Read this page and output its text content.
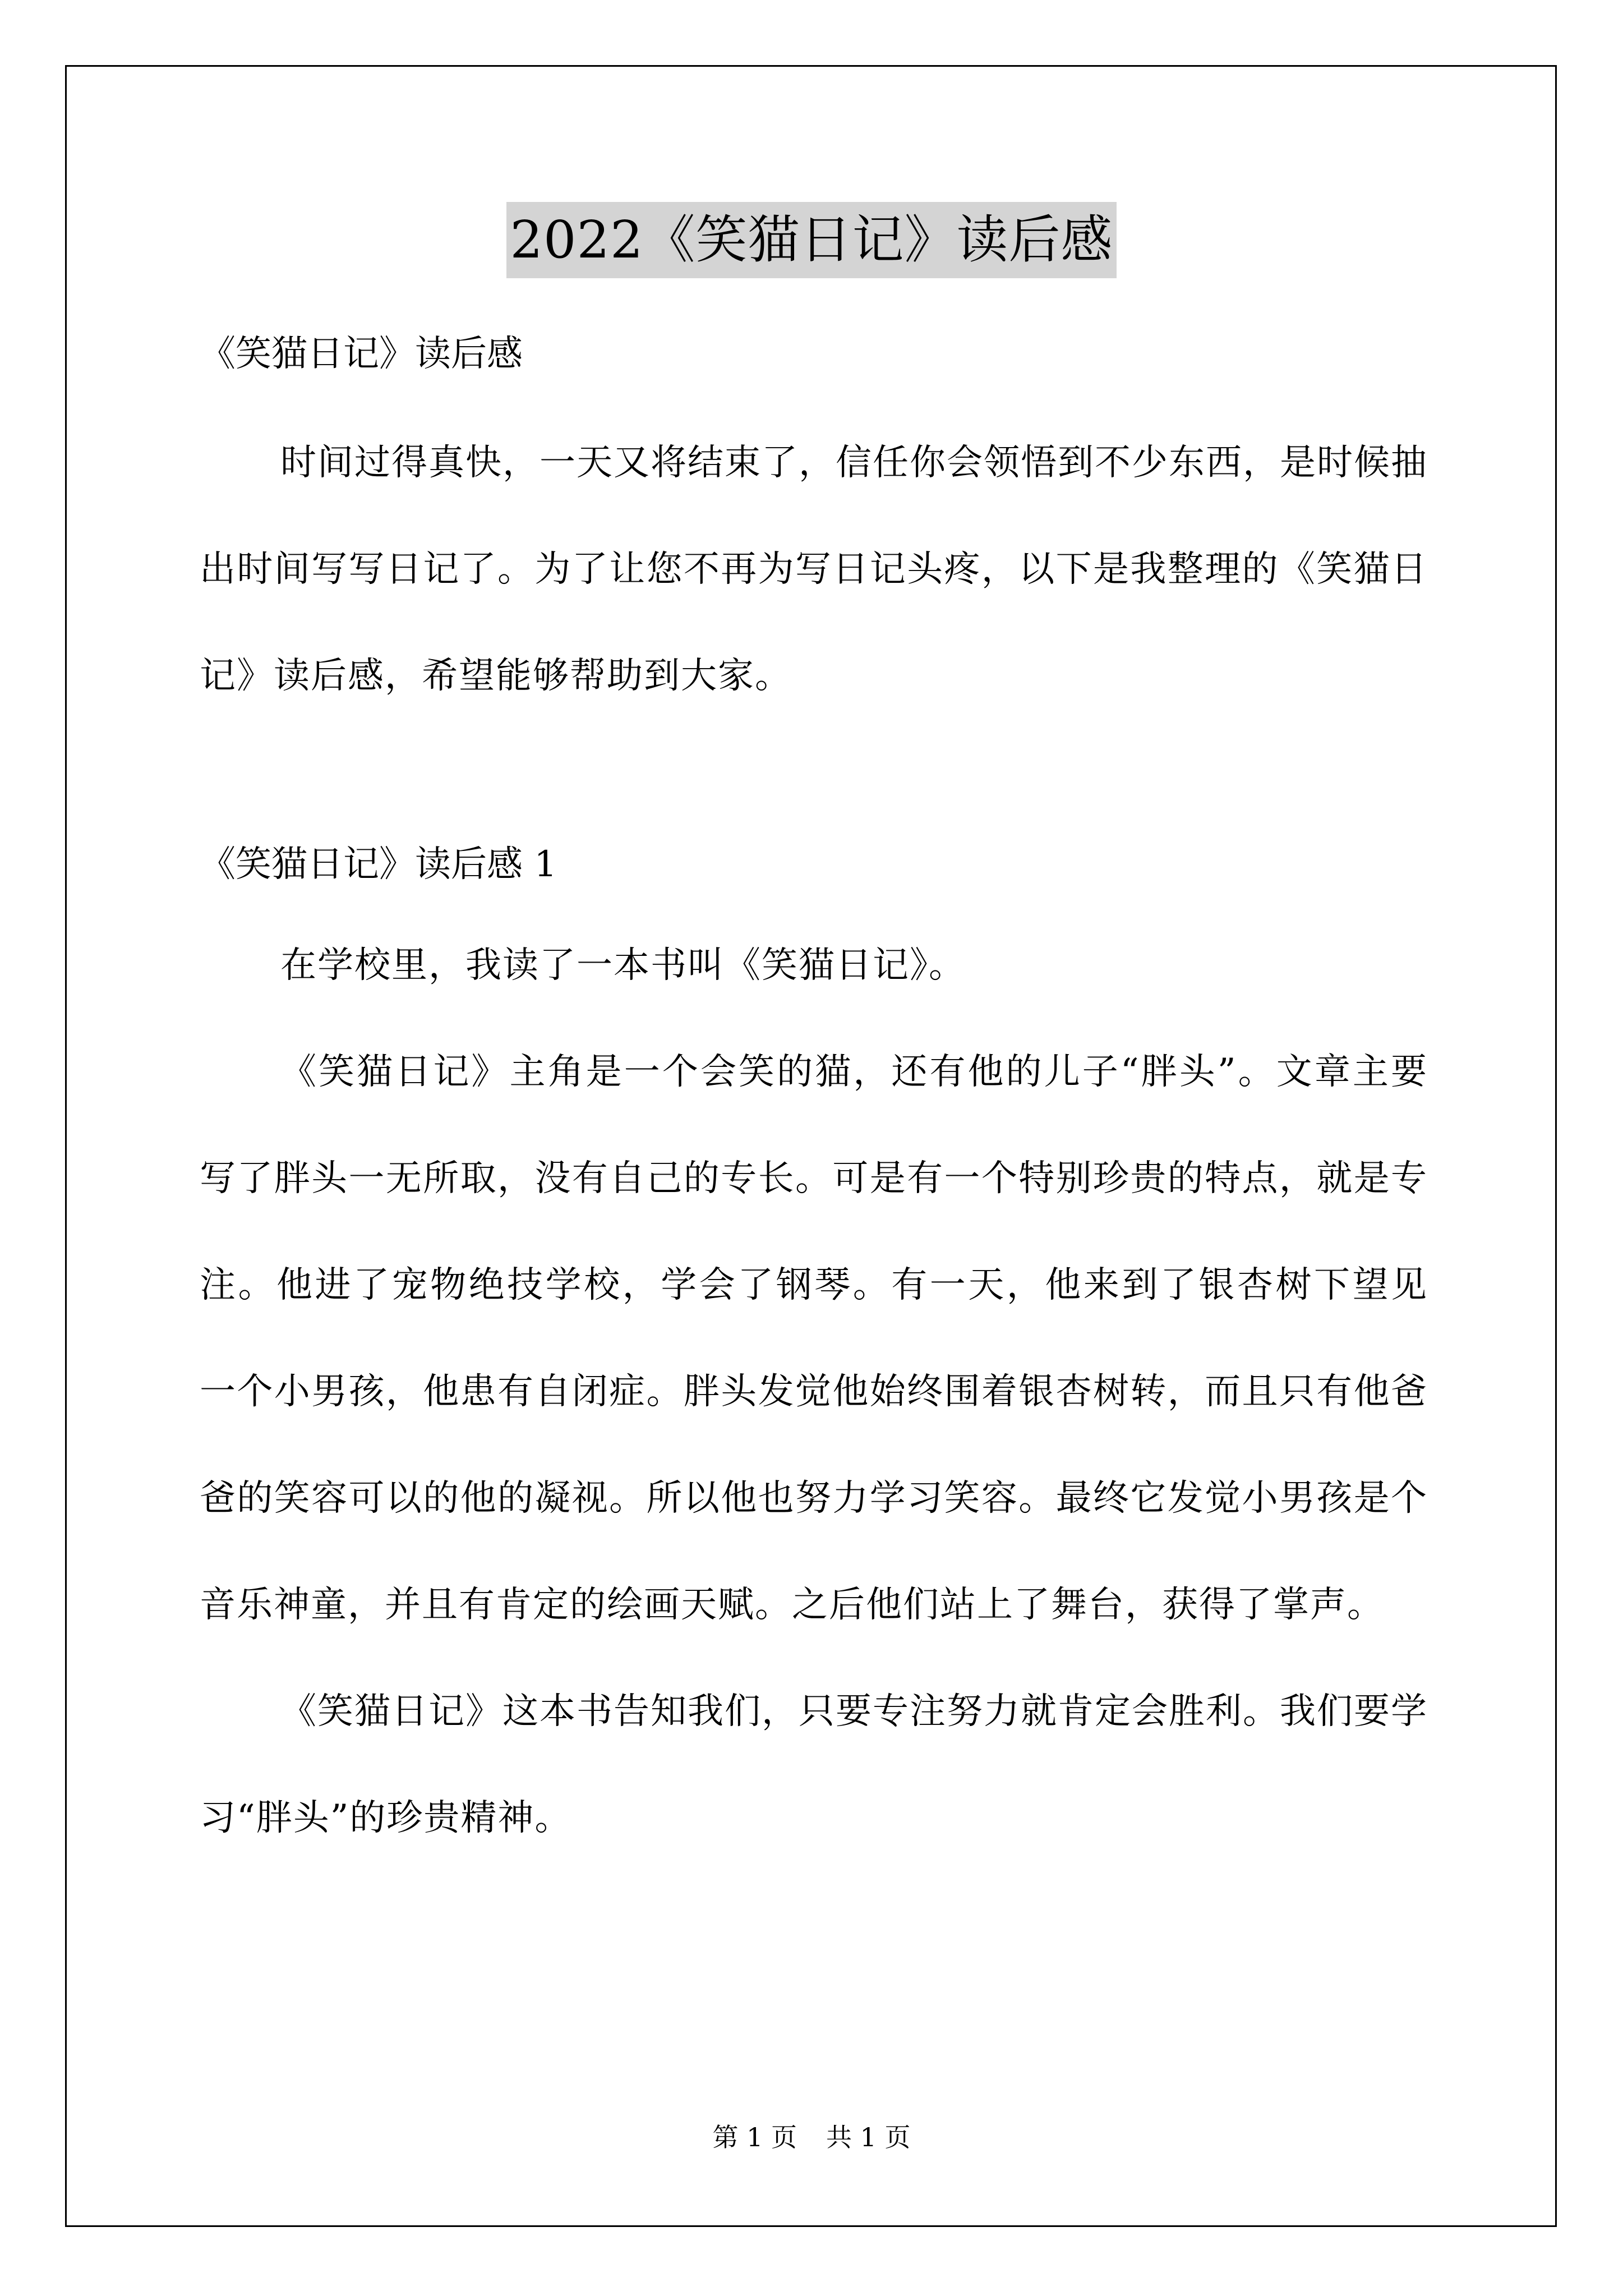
2022《笑猫日记》读后感

《笑猫日记》读后感

时间过得真快，一天又将结束了，信任你会领悟到不少东西，是时候抽出时间写写日记了。为了让您不再为写日记头疼，以下是我整理的《笑猫日记》读后感，希望能够帮助到大家。

《笑猫日记》读后感 1

在学校里，我读了一本书叫《笑猫日记》。

《笑猫日记》主角是一个会笑的猫，还有他的儿子“胖头”。文章主要写了胖头一无所取，没有自己的专长。可是有一个特别珍贵的特点，就是专注。他进了宠物绝技学校，学会了钢琴。有一天，他来到了银杏树下望见 一个小男孩，他患有自闭症。胖头发觉他始终围着银杏树转，而且只有他爸爸的笑容可以的他的凝视。所以他也努力学习笑容。最终它发觉小男孩是个音乐神童，并且有肯定的绘画天赋。之后他们站上了舞台，获得了掌声。

《笑猫日记》这本书告知我们，只要专注努力就肯定会胜利。我们要学习“胖头”的珍贵精神。

第 1 页 共 1 页
